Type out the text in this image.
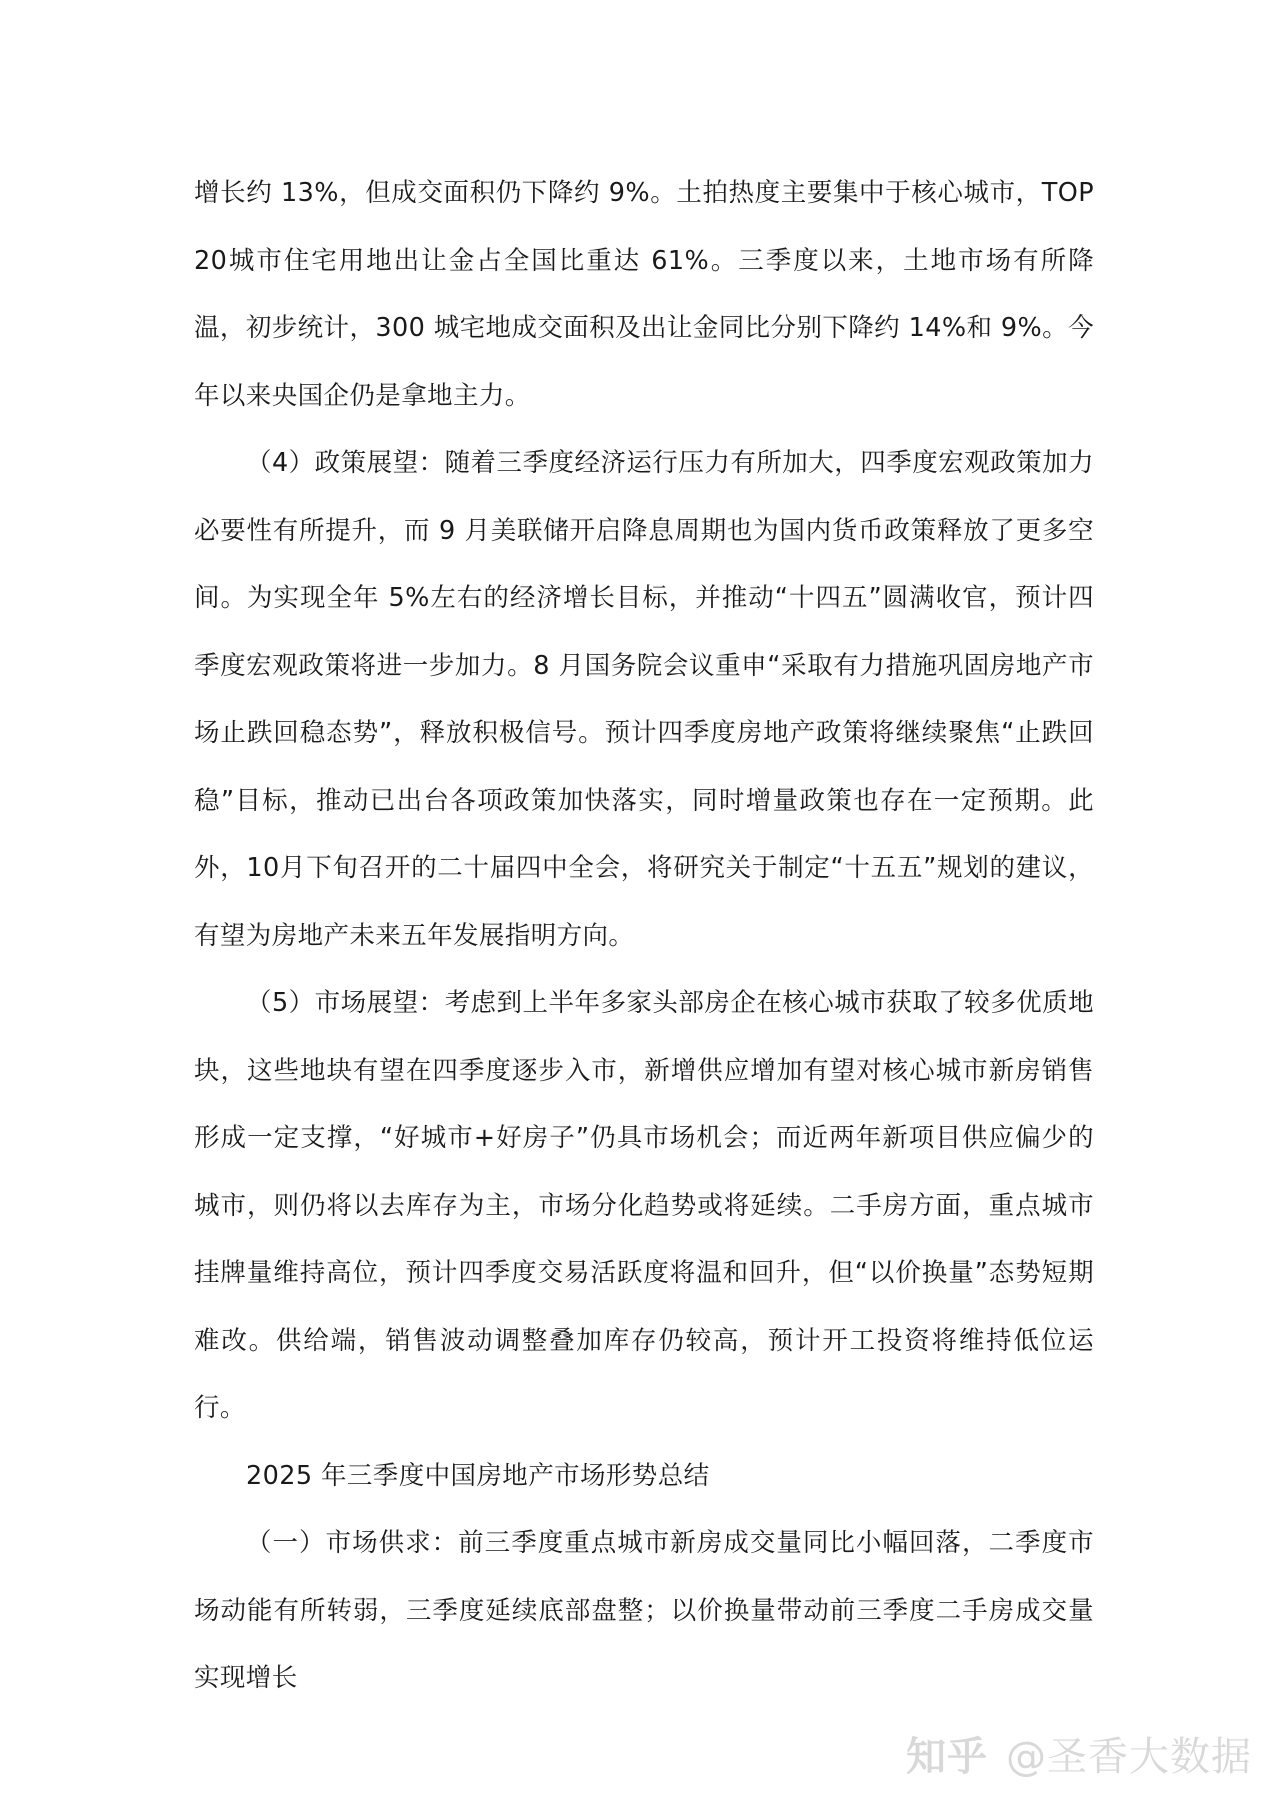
增长约 13%，但成交面积仍下降约 9%。土拍热度主要集中于核心城市，TOP20城市住宅用地出让金占全国比重达 61%。三季度以来，土地市场有所降温，初步统计，300 城宅地成交面积及出让金同比分别下降约 14%和 9%。今年以来央国企仍是拿地主力。

（4）政策展望：随着三季度经济运行压力有所加大，四季度宏观政策加力必要性有所提升，而 9 月美联储开启降息周期也为国内货币政策释放了更多空间。为实现全年 5%左右的经济增长目标，并推动“十四五”圆满收官，预计四季度宏观政策将进一步加力。8 月国务院会议重申“采取有力措施巩固房地产市场止跌回稳态势”，释放积极信号。预计四季度房地产政策将继续聚焦“止跌回稳”目标，推动已出台各项政策加快落实，同时增量政策也存在一定预期。此外，10月下旬召开的二十届四中全会，将研究关于制定“十五五”规划的建议，有望为房地产未来五年发展指明方向。

（5）市场展望：考虑到上半年多家头部房企在核心城市获取了较多优质地块，这些地块有望在四季度逐步入市，新增供应增加有望对核心城市新房销售形成一定支撑，“好城市+好房子”仍具市场机会；而近两年新项目供应偏少的城市，则仍将以去库存为主，市场分化趋势或将延续。二手房方面，重点城市挂牌量维持高位，预计四季度交易活跃度将温和回升，但“以价换量”态势短期难改。供给端，销售波动调整叠加库存仍较高，预计开工投资将维持低位运行。

2025 年三季度中国房地产市场形势总结

（一）市场供求：前三季度重点城市新房成交量同比小幅回落，二季度市场动能有所转弱，三季度延续底部盘整；以价换量带动前三季度二手房成交量实现增长

知乎 @圣香大数据
